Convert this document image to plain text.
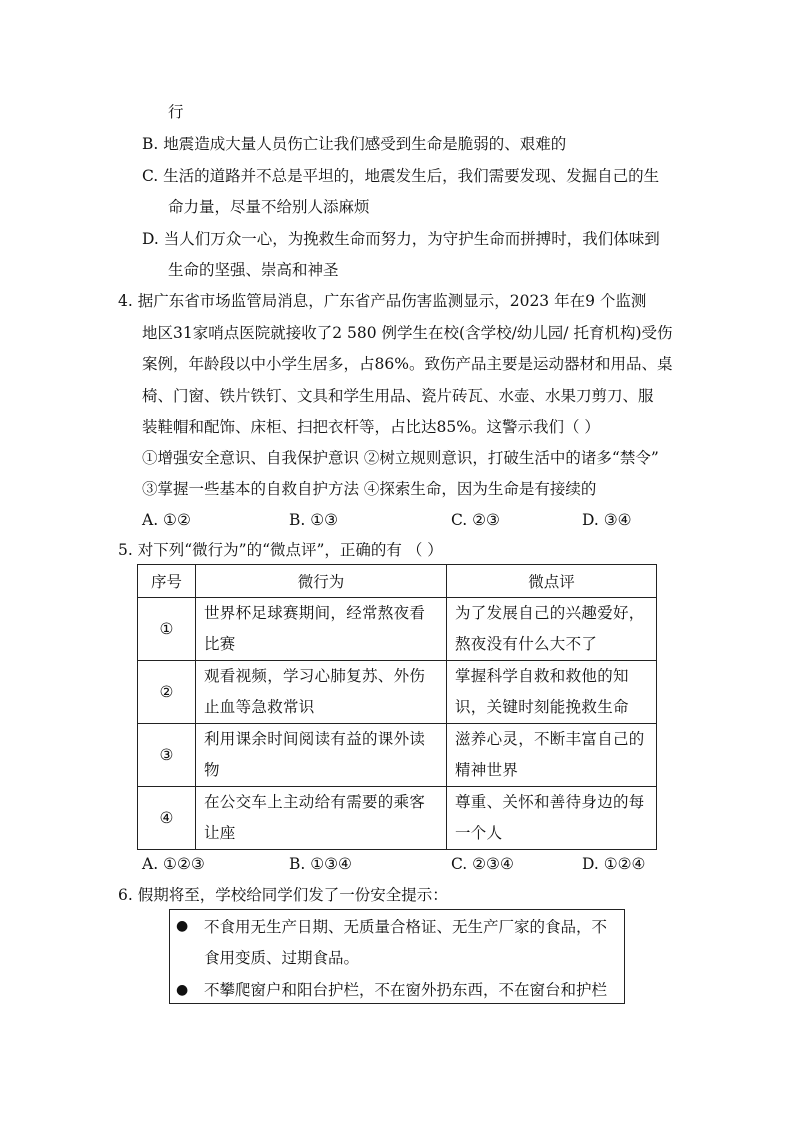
行
B. 地震造成大量人员伤亡让我们感受到生命是脆弱的、艰难的
C. 生活的道路并不总是平坦的，地震发生后，我们需要发现、发掘自己的生
命力量，尽量不给别人添麻烦
D. 当人们万众一心，为挽救生命而努力，为守护生命而拼搏时，我们体味到
生命的坚强、崇高和神圣
4. 据广东省市场监管局消息，广东省产品伤害监测显示，2023 年在9 个监测
地区31家哨点医院就接收了2 580 例学生在校(含学校/幼儿园/ 托育机构)受伤
案例，年龄段以中小学生居多，占86%。致伤产品主要是运动器材和用品、桌
椅、门窗、铁片铁钉、文具和学生用品、瓷片砖瓦、水壶、水果刀剪刀、服
装鞋帽和配饰、床柜、扫把衣杆等，占比达85%。这警示我们（ ）
①增强安全意识、自我保护意识 ②树立规则意识，打破生活中的诸多“禁令”
③掌握一些基本的自救自护方法 ④探索生命，因为生命是有接续的
A. ①②	B. ①③	C. ②③	D. ③④
5. 对下列“微行为”的“微点评”，正确的有 （ ）
序号	微行为	微点评
①	世界杯足球赛期间，经常熬夜看比赛	为了发展自己的兴趣爱好，熬夜没有什么大不了
②	观看视频，学习心肺复苏、外伤止血等急救常识	掌握科学自救和救他的知识，关键时刻能挽救生命
③	利用课余时间阅读有益的课外读物	滋养心灵，不断丰富自己的精神世界
④	在公交车上主动给有需要的乘客让座	尊重、关怀和善待身边的每一个人
A. ①②③	B. ①③④	C. ②③④	D. ①②④
6. 假期将至，学校给同学们发了一份安全提示：
● 不食用无生产日期、无质量合格证、无生产厂家的食品，不
食用变质、过期食品。
● 不攀爬窗户和阳台护栏，不在窗外扔东西，不在窗台和护栏
